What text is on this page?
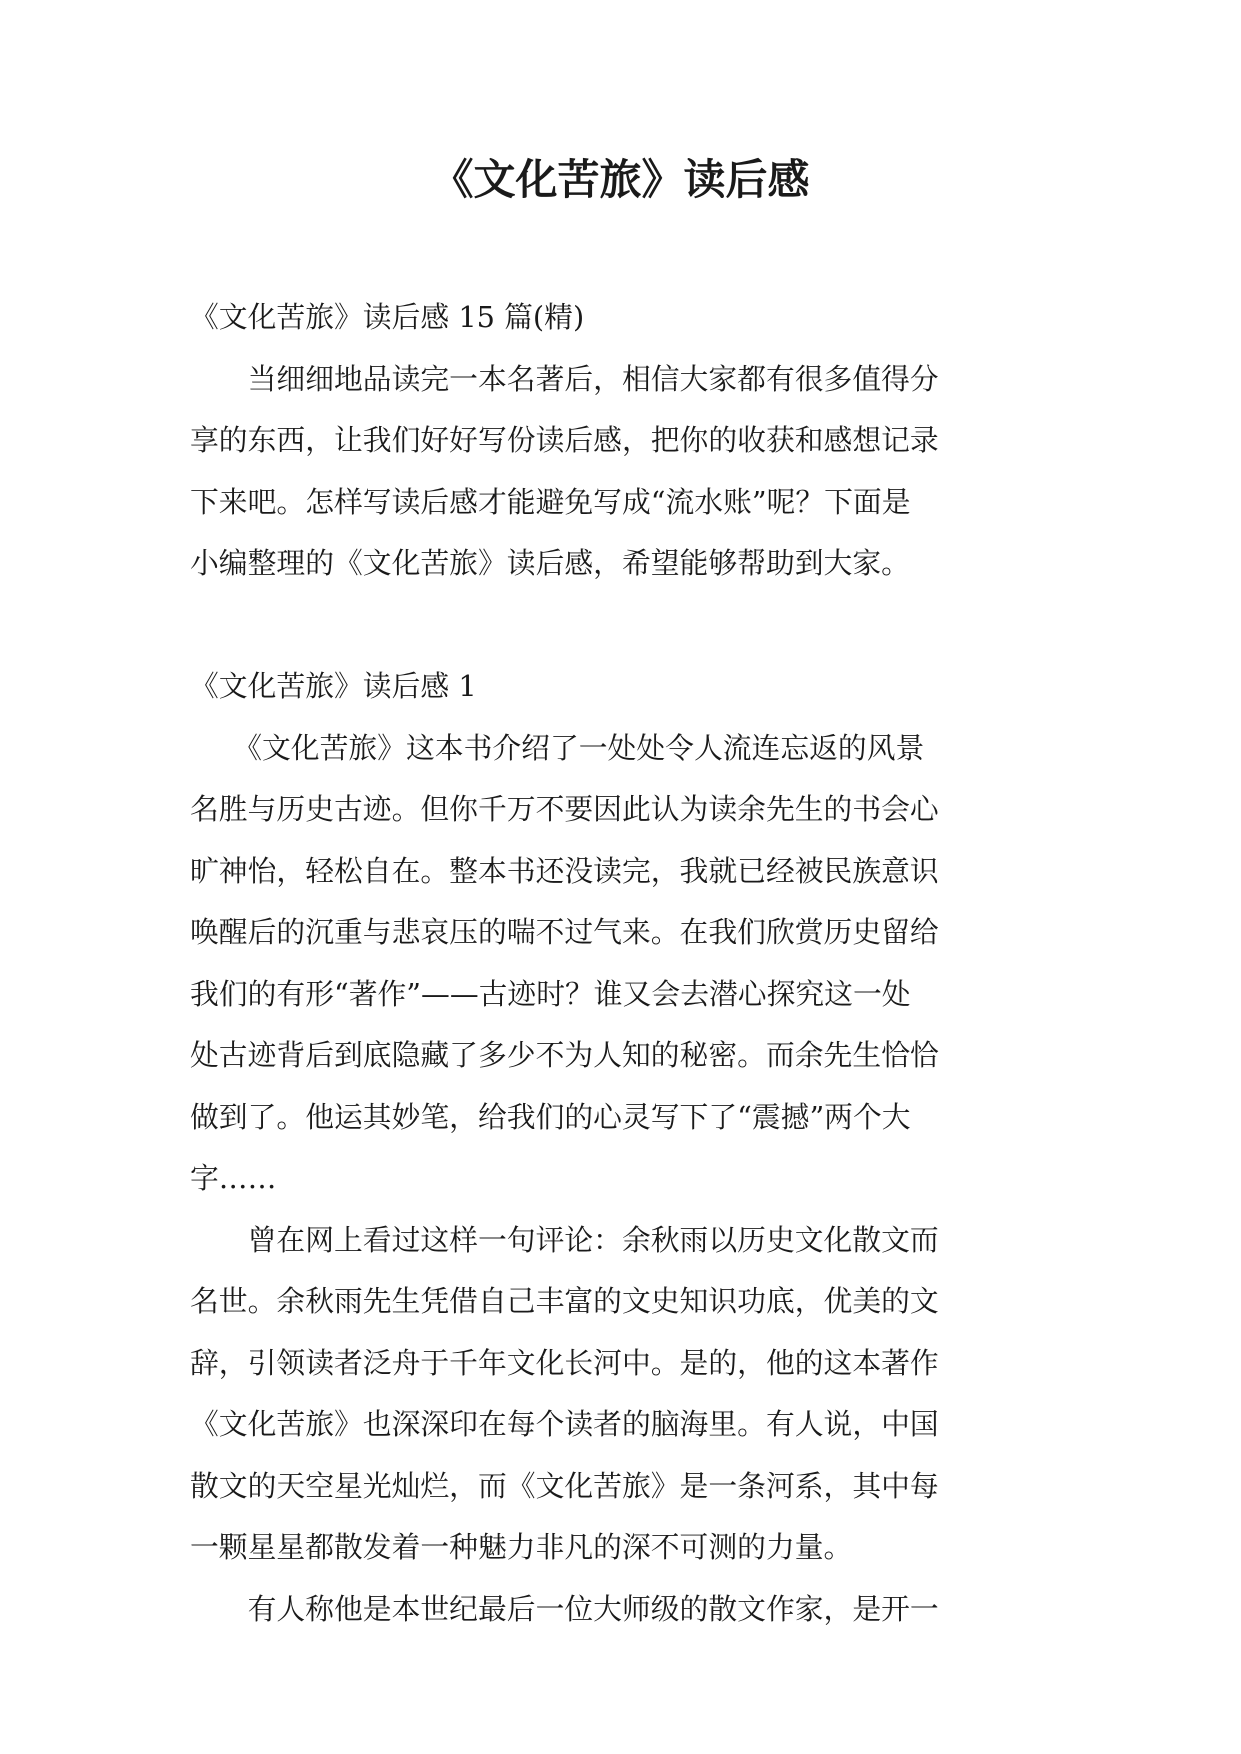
《文化苦旅》读后感
《文化苦旅》读后感 15 篇(精)
　　当细细地品读完一本名著后，相信大家都有很多值得分
享的东西，让我们好好写份读后感，把你的收获和感想记录
下来吧。怎样写读后感才能避免写成“流水账”呢？下面是
小编整理的《文化苦旅》读后感，希望能够帮助到大家。
《文化苦旅》读后感 1
　　《文化苦旅》这本书介绍了一处处令人流连忘返的风景
名胜与历史古迹。但你千万不要因此认为读余先生的书会心
旷神怡，轻松自在。整本书还没读完，我就已经被民族意识
唤醒后的沉重与悲哀压的喘不过气来。在我们欣赏历史留给
我们的有形“著作”——古迹时？谁又会去潜心探究这一处
处古迹背后到底隐藏了多少不为人知的秘密。而余先生恰恰
做到了。他运其妙笔，给我们的心灵写下了“震撼”两个大
字……
　　曾在网上看过这样一句评论：余秋雨以历史文化散文而
名世。余秋雨先生凭借自己丰富的文史知识功底，优美的文
辞，引领读者泛舟于千年文化长河中。是的，他的这本著作
《文化苦旅》也深深印在每个读者的脑海里。有人说，中国
散文的天空星光灿烂，而《文化苦旅》是一条河系，其中每
一颗星星都散发着一种魅力非凡的深不可测的力量。
　　有人称他是本世纪最后一位大师级的散文作家，是开一
